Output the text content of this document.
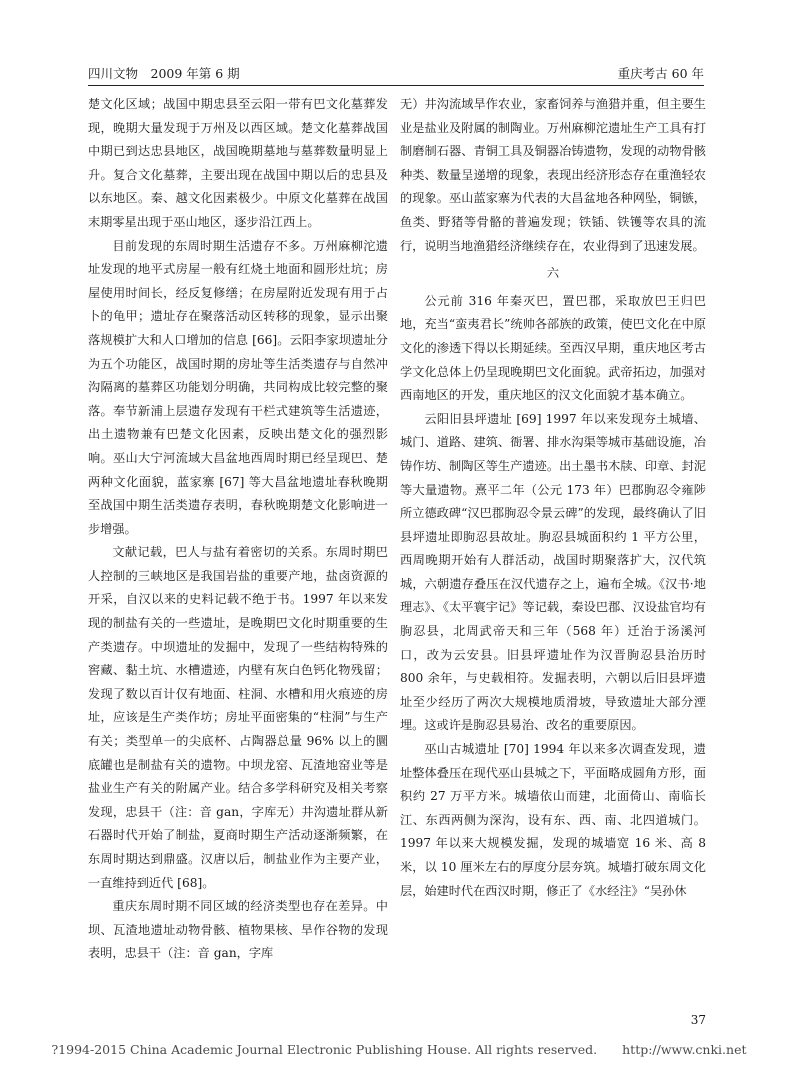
四川文物　2009 年第 6 期	重庆考古 60 年

楚文化区域；战国中期忠县至云阳一带有巴文化墓葬发现，晚期大量发现于万州及以西区域。楚文化墓葬战国中期已到达忠县地区，战国晚期墓地与墓葬数量明显上升。复合文化墓葬，主要出现在战国中期以后的忠县及以东地区。秦、越文化因素极少。中原文化墓葬在战国末期零星出现于巫山地区，逐步沿江西上。

目前发现的东周时期生活遗存不多。万州麻柳沱遗址发现的地平式房屋一般有红烧土地面和圆形灶坑；房屋使用时间长，经反复修缮；在房屋附近发现有用于占卜的龟甲；遗址存在聚落活动区转移的现象，显示出聚落规模扩大和人口增加的信息 [66]。云阳李家坝遗址分为五个功能区，战国时期的房址等生活类遗存与自然冲沟隔离的墓葬区功能划分明确，共同构成比较完整的聚落。奉节新浦上层遗存发现有干栏式建筑等生活遗迹，出土遗物兼有巴楚文化因素，反映出楚文化的强烈影响。巫山大宁河流域大昌盆地西周时期已经呈现巴、楚两种文化面貌，蓝家寨 [67] 等大昌盆地遗址春秋晚期至战国中期生活类遗存表明，春秋晚期楚文化影响进一步增强。

文献记载，巴人与盐有着密切的关系。东周时期巴人控制的三峡地区是我国岩盐的重要产地，盐卤资源的开采，自汉以来的史料记载不绝于书。1997 年以来发现的制盐有关的一些遗址，是晚期巴文化时期重要的生产类遗存。中坝遗址的发掘中，发现了一些结构特殊的窖藏、黏土坑、水槽遗迹，内壁有灰白色钙化物残留；发现了数以百计仅有地面、柱洞、水槽和用火痕迹的房址，应该是生产类作坊；房址平面密集的“柱洞”与生产有关；类型单一的尖底杯、占陶器总量 96% 以上的圜底罐也是制盐有关的遗物。中坝龙窑、瓦渣地窑业等是盐业生产有关的附属产业。结合多学科研究及相关考察发现，忠县干（注：音 gan，字库无）井沟遗址群从新石器时代开始了制盐，夏商时期生产活动逐渐频繁，在东周时期达到鼎盛。汉唐以后，制盐业作为主要产业，一直维持到近代 [68]。

重庆东周时期不同区域的经济类型也存在差异。中坝、瓦渣地遗址动物骨骸、植物果核、旱作谷物的发现表明，忠县干（注：音 gan，字库

无）井沟流域旱作农业，家畜饲养与渔猎并重，但主要生业是盐业及附属的制陶业。万州麻柳沱遗址生产工具有打制磨制石器、青铜工具及铜器冶铸遗物，发现的动物骨骸种类、数量呈递增的现象，表现出经济形态存在重渔轻农的现象。巫山蓝家寨为代表的大昌盆地各种网坠，铜镞，鱼类、野猪等骨骼的普遍发现；铁锸、铁镬等农具的流行，说明当地渔猎经济继续存在，农业得到了迅速发展。

六

公元前 316 年秦灭巴，置巴郡，采取放巴王归巴地，充当“蛮夷君长”统帅各部族的政策，使巴文化在中原文化的渗透下得以长期延续。至西汉早期，重庆地区考古学文化总体上仍呈现晚期巴文化面貌。武帝拓边，加强对西南地区的开发，重庆地区的汉文化面貌才基本确立。

云阳旧县坪遗址 [69] 1997 年以来发现夯土城墙、城门、道路、建筑、衙署、排水沟渠等城市基础设施，冶铸作坊、制陶区等生产遗迹。出土墨书木牍、印章、封泥等大量遗物。熹平二年（公元 173 年）巴郡朐忍令雍陟所立德政碑“汉巴郡朐忍令景云碑”的发现，最终确认了旧县坪遗址即朐忍县故址。朐忍县城面积约 1 平方公里，西周晚期开始有人群活动，战国时期聚落扩大，汉代筑城，六朝遗存叠压在汉代遗存之上，遍布全城。《汉书·地理志》、《太平寰宇记》等记载，秦设巴郡、汉设盐官均有朐忍县，北周武帝天和三年（568 年）迁治于汤溪河口，改为云安县。旧县坪遗址作为汉晋朐忍县治历时 800 余年，与史载相符。发掘表明，六朝以后旧县坪遗址至少经历了两次大规模地质滑坡，导致遗址大部分湮埋。这或许是朐忍县易治、改名的重要原因。

巫山古城遗址 [70] 1994 年以来多次调查发现，遗址整体叠压在现代巫山县城之下，平面略成圆角方形，面积约 27 万平方米。城墙依山而建，北面倚山、南临长江、东西两侧为深沟，设有东、西、南、北四道城门。1997 年以来大规模发掘，发现的城墙宽 16 米、高 8 米，以 10 厘米左右的厚度分层夯筑。城墙打破东周文化层，始建时代在西汉时期，修正了《水经注》“吴孙休

37
?1994-2015 China Academic Journal Electronic Publishing House. All rights reserved.　　http://www.cnki.net
